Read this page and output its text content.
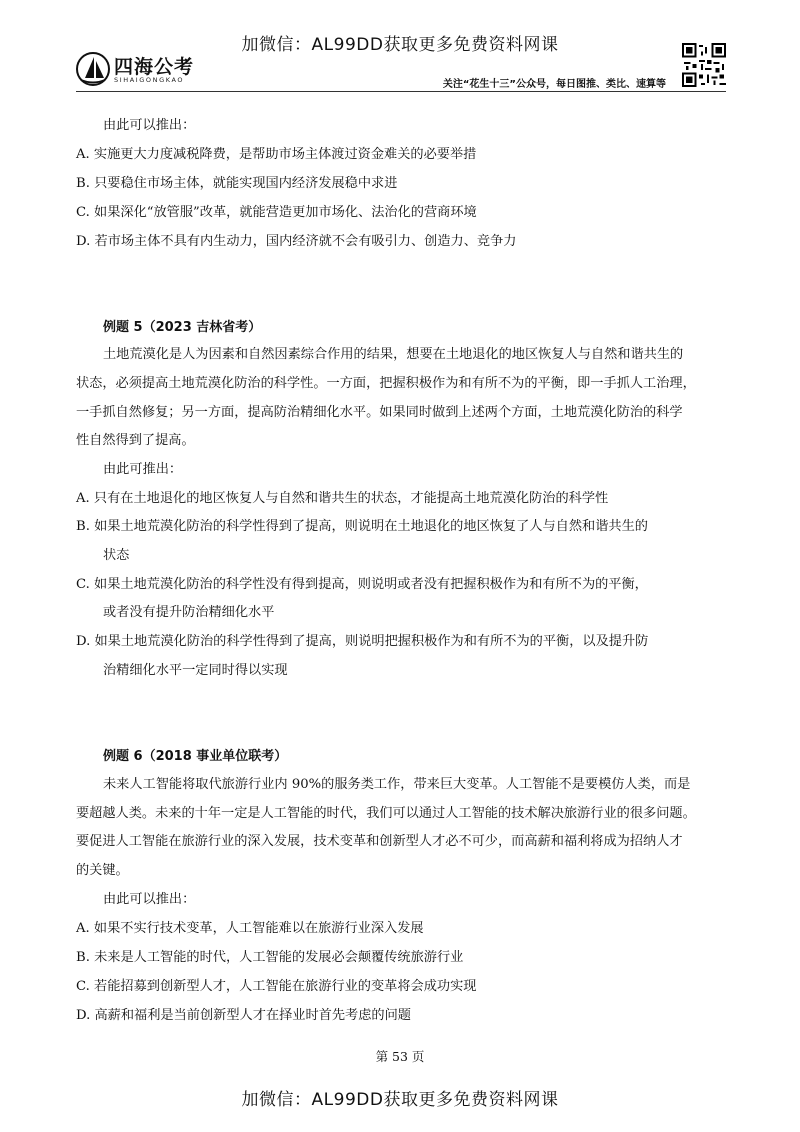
加微信：AL99DD获取更多免费资料网课
四海公考
SIHAIGONGKAO	关注“花生十三”公众号，每日图推、类比、速算等
由此可以推出：
A. 实施更大力度减税降费，是帮助市场主体渡过资金难关的必要举措
B. 只要稳住市场主体，就能实现国内经济发展稳中求进
C. 如果深化“放管服”改革，就能营造更加市场化、法治化的营商环境
D. 若市场主体不具有内生动力，国内经济就不会有吸引力、创造力、竞争力
例题 5（2023 吉林省考）
土地荒漠化是人为因素和自然因素综合作用的结果，想要在土地退化的地区恢复人与自然和谐共生的
状态，必须提高土地荒漠化防治的科学性。一方面，把握积极作为和有所不为的平衡，即一手抓人工治理，
一手抓自然修复；另一方面，提高防治精细化水平。如果同时做到上述两个方面，土地荒漠化防治的科学
性自然得到了提高。
由此可推出：
A. 只有在土地退化的地区恢复人与自然和谐共生的状态，才能提高土地荒漠化防治的科学性
B. 如果土地荒漠化防治的科学性得到了提高，则说明在土地退化的地区恢复了人与自然和谐共生的
状态
C. 如果土地荒漠化防治的科学性没有得到提高，则说明或者没有把握积极作为和有所不为的平衡，
或者没有提升防治精细化水平
D. 如果土地荒漠化防治的科学性得到了提高，则说明把握积极作为和有所不为的平衡，以及提升防
治精细化水平一定同时得以实现
例题 6（2018 事业单位联考）
未来人工智能将取代旅游行业内 90%的服务类工作，带来巨大变革。人工智能不是要模仿人类，而是
要超越人类。未来的十年一定是人工智能的时代，我们可以通过人工智能的技术解决旅游行业的很多问题。
要促进人工智能在旅游行业的深入发展，技术变革和创新型人才必不可少，而高薪和福利将成为招纳人才
的关键。
由此可以推出：
A. 如果不实行技术变革，人工智能难以在旅游行业深入发展
B. 未来是人工智能的时代，人工智能的发展必会颠覆传统旅游行业
C. 若能招募到创新型人才，人工智能在旅游行业的变革将会成功实现
D. 高薪和福利是当前创新型人才在择业时首先考虑的问题
第 53 页
加微信：AL99DD获取更多免费资料网课
